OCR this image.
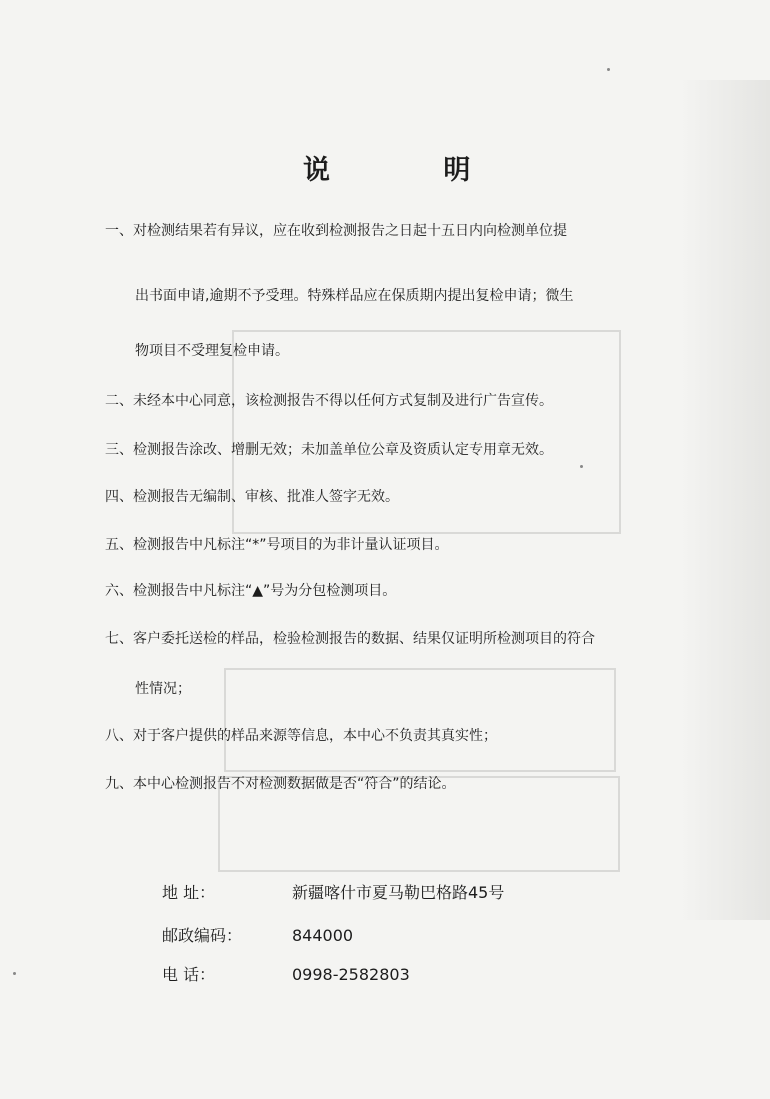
说 明
一、对检测结果若有异议，应在收到检测报告之日起十五日内向检测单位提
出书面申请,逾期不予受理。特殊样品应在保质期内提出复检申请；微生
物项目不受理复检申请。
二、未经本中心同意，该检测报告不得以任何方式复制及进行广告宣传。
三、检测报告涂改、增删无效；未加盖单位公章及资质认定专用章无效。
四、检测报告无编制、审核、批准人签字无效。
五、检测报告中凡标注“*”号项目的为非计量认证项目。
六、检测报告中凡标注“▲”号为分包检测项目。
七、客户委托送检的样品，检验检测报告的数据、结果仅证明所检测项目的符合
性情况；
八、对于客户提供的样品来源等信息，本中心不负责其真实性；
九、本中心检测报告不对检测数据做是否“符合”的结论。
地 址：	新疆喀什市夏马勒巴格路45号
邮政编码：	844000
电 话：	0998-2582803
